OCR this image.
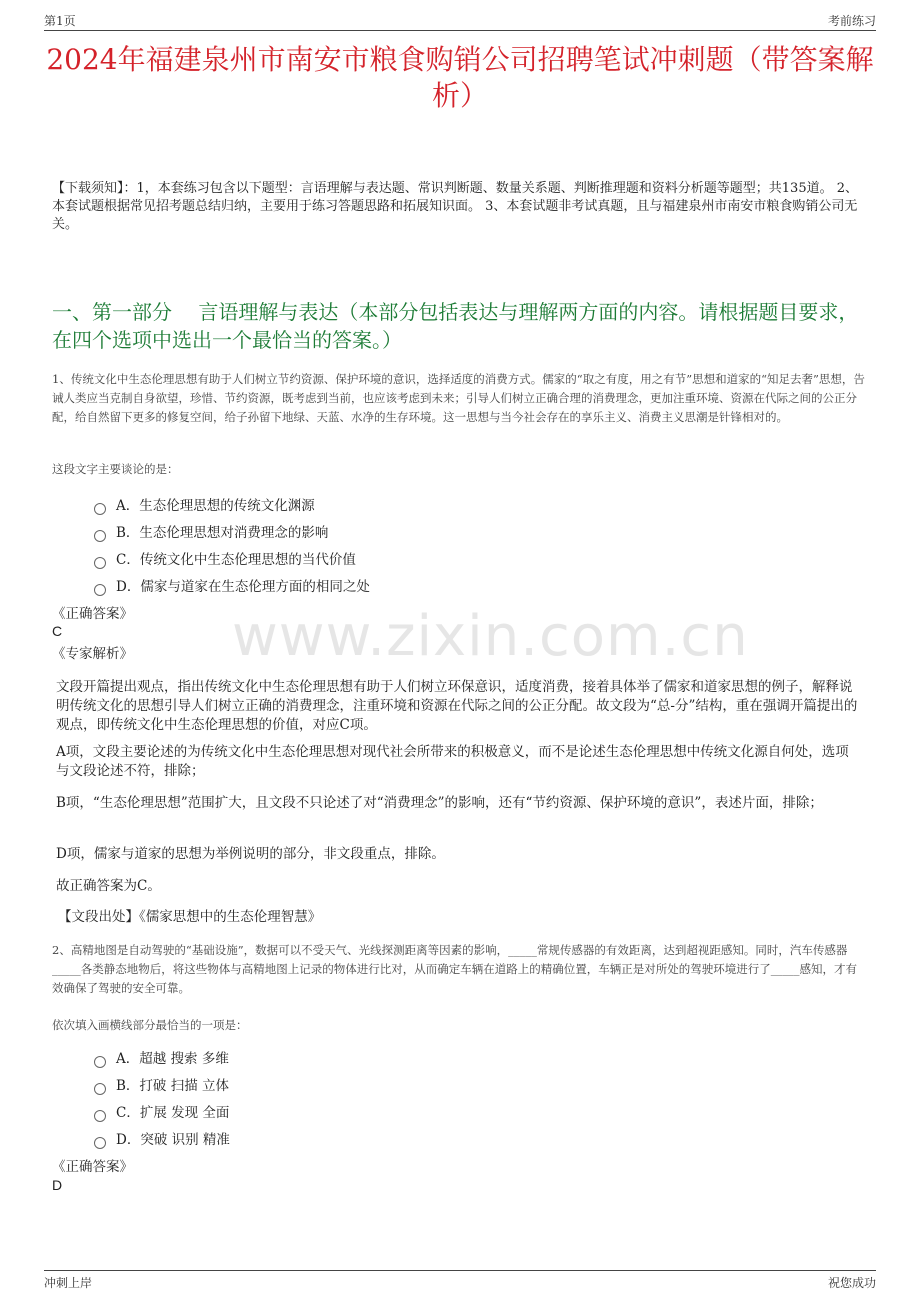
第1页	考前练习
2024年福建泉州市南安市粮食购销公司招聘笔试冲刺题（带答案解析）
【下载须知】：1，本套练习包含以下题型：言语理解与表达题、常识判断题、数量关系题、判断推理题和资料分析题等题型；共135道。 2、本套试题根据常见招考题总结归纳，主要用于练习答题思路和拓展知识面。 3、本套试题非考试真题，且与福建泉州市南安市粮食购销公司无关。
一、第一部分　 言语理解与表达（本部分包括表达与理解两方面的内容。请根据题目要求，在四个选项中选出一个最恰当的答案。）
1、传统文化中生态伦理思想有助于人们树立节约资源、保护环境的意识，选择适度的消费方式。儒家的“取之有度，用之有节”思想和道家的“知足去奢”思想，告诫人类应当克制自身欲望，珍惜、节约资源，既考虑到当前，也应该考虑到未来；引导人们树立正确合理的消费理念，更加注重环境、资源在代际之间的公正分配，给自然留下更多的修复空间，给子孙留下地绿、天蓝、水净的生存环境。这一思想与当今社会存在的享乐主义、消费主义思潮是针锋相对的。
这段文字主要谈论的是：
A．生态伦理思想的传统文化渊源
B．生态伦理思想对消费理念的影响
C．传统文化中生态伦理思想的当代价值
D．儒家与道家在生态伦理方面的相同之处
www.zixin.com.cn
《正确答案》
C
《专家解析》
文段开篇提出观点，指出传统文化中生态伦理思想有助于人们树立环保意识，适度消费，接着具体举了儒家和道家思想的例子，解释说明传统文化的思想引导人们树立正确的消费理念，注重环境和资源在代际之间的公正分配。故文段为“总-分”结构，重在强调开篇提出的观点，即传统文化中生态伦理思想的价值，对应C项。
A项，文段主要论述的为传统文化中生态伦理思想对现代社会所带来的积极意义，而不是论述生态伦理思想中传统文化源自何处，选项与文段论述不符，排除；
B项，“生态伦理思想”范围扩大，且文段不只论述了对“消费理念”的影响，还有“节约资源、保护环境的意识”，表述片面，排除；
D项，儒家与道家的思想为举例说明的部分，非文段重点，排除。
故正确答案为C。
【文段出处】《儒家思想中的生态伦理智慧》
2、高精地图是自动驾驶的“基础设施”，数据可以不受天气、光线探测距离等因素的影响，_____常规传感器的有效距离，达到超视距感知。同时，汽车传感器_____各类静态地物后，将这些物体与高精地图上记录的物体进行比对，从而确定车辆在道路上的精确位置，车辆正是对所处的驾驶环境进行了_____感知，才有效确保了驾驶的安全可靠。
依次填入画横线部分最恰当的一项是：
A．超越 搜索 多维
B．打破 扫描 立体
C．扩展 发现 全面
D．突破 识别 精准
《正确答案》
D
冲刺上岸	祝您成功
